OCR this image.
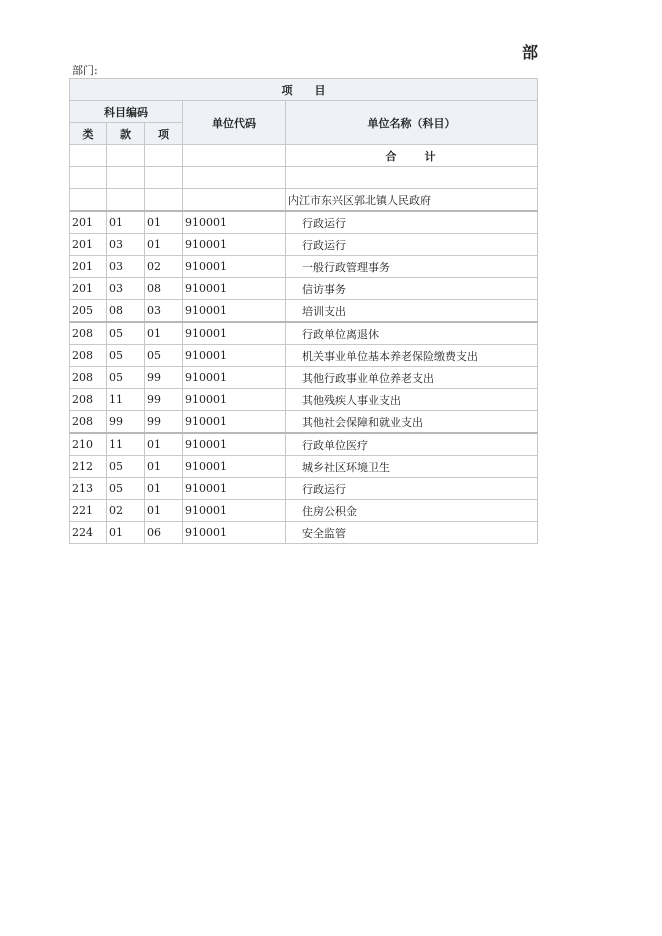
部
部门:
项　　目				
科目编码			单位代码	单位名称（科目）
类	款	项		
				合　　计

				内江市东兴区郭北镇人民政府
201	01	01	910001	行政运行
201	03	01	910001	行政运行
201	03	02	910001	一般行政管理事务
201	03	08	910001	信访事务
205	08	03	910001	培训支出
208	05	01	910001	行政单位离退休
208	05	05	910001	机关事业单位基本养老保险缴费支出
208	05	99	910001	其他行政事业单位养老支出
208	11	99	910001	其他残疾人事业支出
208	99	99	910001	其他社会保障和就业支出
210	11	01	910001	行政单位医疗
212	05	01	910001	城乡社区环境卫生
213	05	01	910001	行政运行
221	02	01	910001	住房公积金
224	01	06	910001	安全监管
